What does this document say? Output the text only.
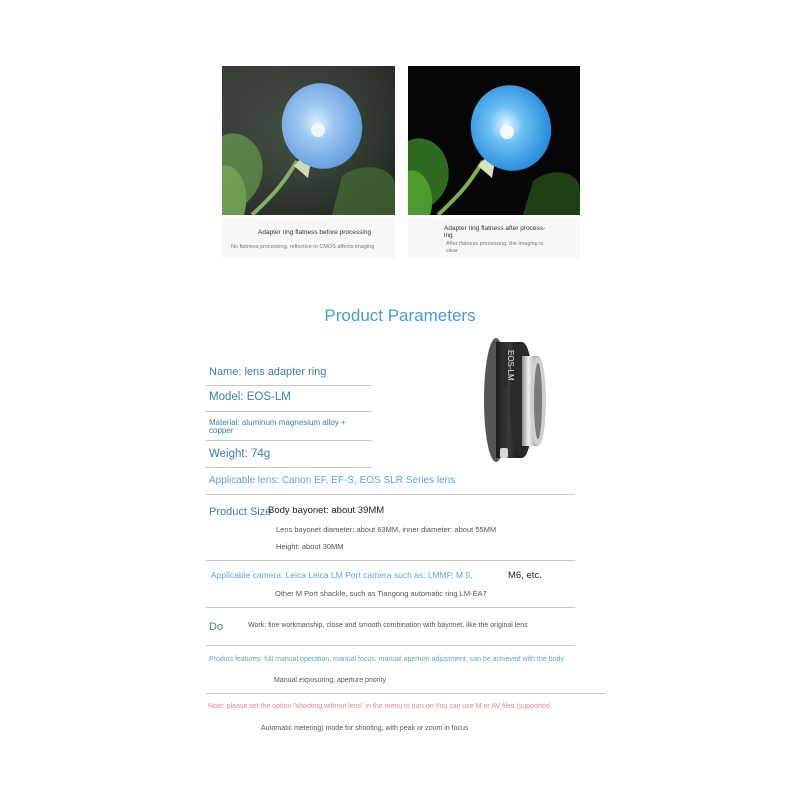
Adapter ring flatness before processing
No flatness processing, reflective to CMOS affects imaging
Adapter ring flatness after process-
ing
After flatness processing, the imaging is
clear
Product Parameters
EOS-LM
Name: lens adapter ring
Model: EOS-LM
Material: aluminum magnesium alloy +
copper
Weight: 74g
Applicable lens: Canon EF, EF-S, EOS SLR Series lens
Product Size
Body bayonet: about 39MM
Lens bayonet diameter: about 63MM, inner diameter: about 55MM
Height: about 30MM
Applicable camera: Leica Leica LM Port camera such as: LMMP, M 5,	M6, etc.
Other M Port shackle, such as Tiangong automatic ring LM-EA7
Do	Work: fine workmanship, close and smooth combination with bayonet, like the original lens
Product features: full manual operation, manual focus, manual aperture adjustment, can be achieved with the body
Manual exposuring, aperture priority
Note: please set the option "shooting without lens" in the menu to turn on You can use M or AV files (supported
Automatic metering) mode for shooting, with peak or zoom in focus
